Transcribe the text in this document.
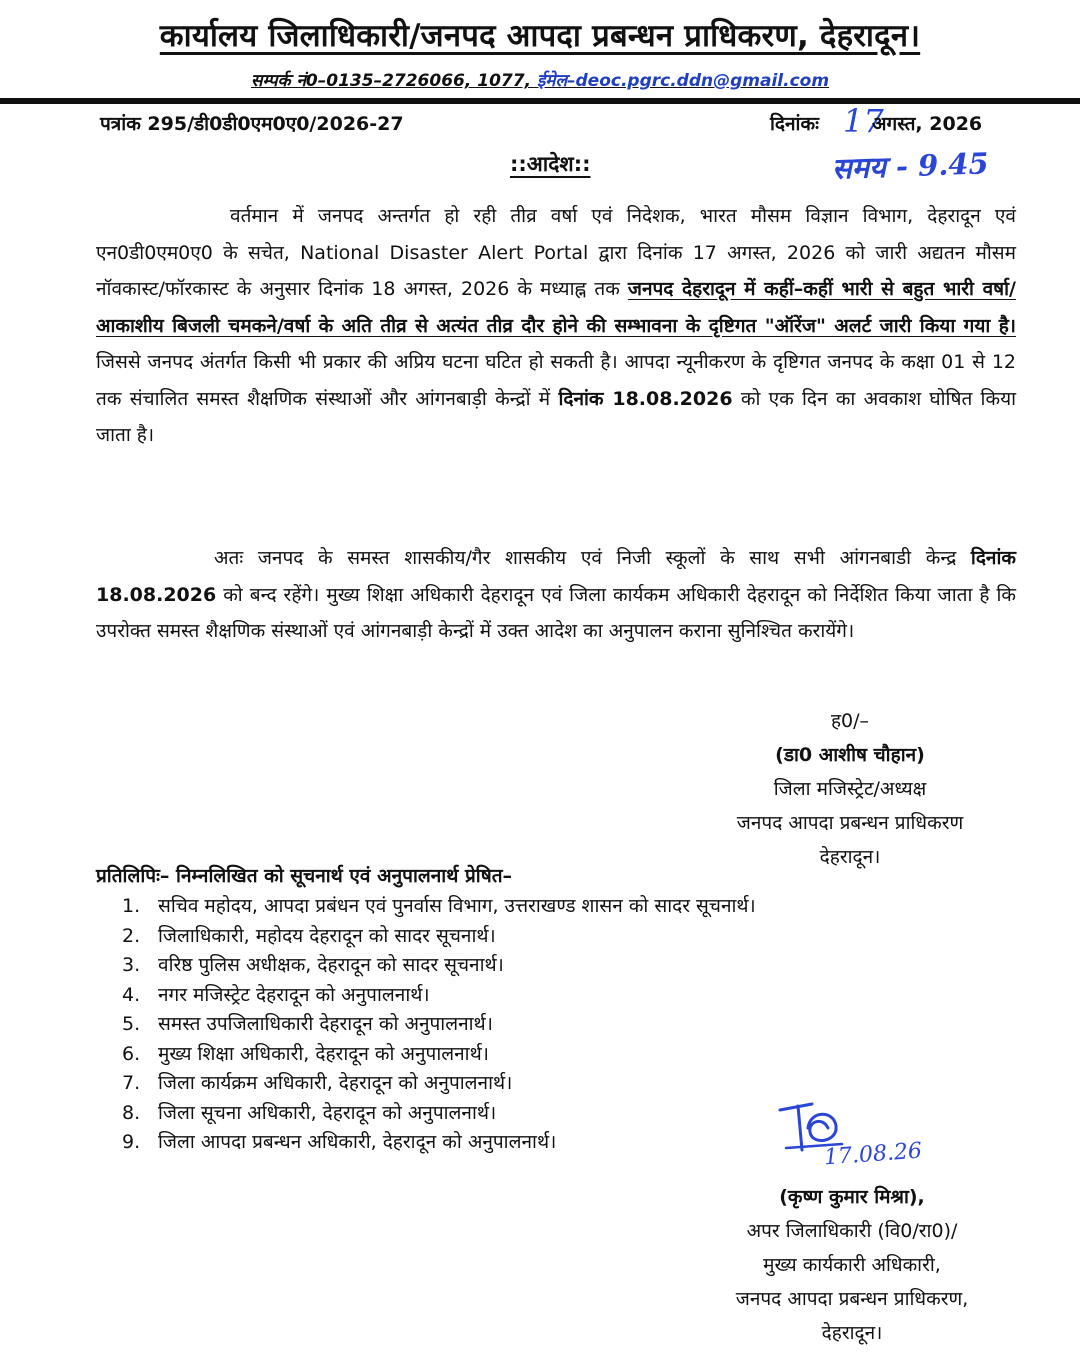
कार्यालय जिलाधिकारी/जनपद आपदा प्रबन्धन प्राधिकरण, देहरादून।
सम्पर्क नं0–0135–2726066, 1077, ईमेल–deoc.pgrc.ddn@gmail.com
पत्रांक 295/डी0डी0एम0ए0/2026-27	दिनांकः 17
अगस्त, 2026
::आदेश::	समय - 9.45
वर्तमान में जनपद अन्तर्गत हो रही तीव्र वर्षा एवं निदेशक, भारत मौसम विज्ञान विभाग, देहरादून एवं एन0डी0एम0ए0 के सचेत, National Disaster Alert Portal द्वारा दिनांक 17 अगस्त, 2026 को जारी अद्यतन मौसम नॉवकास्ट/फॉरकास्ट के अनुसार दिनांक 18 अगस्त, 2026 के मध्याह्न तक जनपद देहरादून में कहीं–कहीं भारी से बहुत भारी वर्षा/आकाशीय बिजली चमकने/वर्षा के अति तीव्र से अत्यंत तीव्र दौर होने की सम्भावना के दृष्टिगत "ऑरेंज" अलर्ट जारी किया गया है। जिससे जनपद अंतर्गत किसी भी प्रकार की अप्रिय घटना घटित हो सकती है। आपदा न्यूनीकरण के दृष्टिगत जनपद के कक्षा 01 से 12 तक संचालित समस्त शैक्षणिक संस्थाओं और आंगनबाड़ी केन्द्रों में दिनांक 18.08.2026 को एक दिन का अवकाश घोषित किया जाता है।
अतः जनपद के समस्त शासकीय/गैर शासकीय एवं निजी स्कूलों के साथ सभी आंगनबाडी केन्द्र दिनांक 18.08.2026 को बन्द रहेंगे। मुख्य शिक्षा अधिकारी देहरादून एवं जिला कार्यकम अधिकारी देहरादून को निर्देशित किया जाता है कि उपरोक्त समस्त शैक्षणिक संस्थाओं एवं आंगनबाड़ी केन्द्रों में उक्त आदेश का अनुपालन कराना सुनिश्चित करायेंगे।
ह0/–
(डा0 आशीष चौहान)
जिला मजिस्ट्रेट/अध्यक्ष
जनपद आपदा प्रबन्धन प्राधिकरण
देहरादून।
प्रतिलिपिः– निम्नलिखित को सूचनार्थ एवं अनुपालनार्थ प्रेषित–
1. सचिव महोदय, आपदा प्रबंधन एवं पुनर्वास विभाग, उत्तराखण्ड शासन को सादर सूचनार्थ।
2. जिलाधिकारी, महोदय देहरादून को सादर सूचनार्थ।
3. वरिष्ठ पुलिस अधीक्षक, देहरादून को सादर सूचनार्थ।
4. नगर मजिस्ट्रेट देहरादून को अनुपालनार्थ।
5. समस्त उपजिलाधिकारी देहरादून को अनुपालनार्थ।
6. मुख्य शिक्षा अधिकारी, देहरादून को अनुपालनार्थ।
7. जिला कार्यक्रम अधिकारी, देहरादून को अनुपालनार्थ।
8. जिला सूचना अधिकारी, देहरादून को अनुपालनार्थ।
9. जिला आपदा प्रबन्धन अधिकारी, देहरादून को अनुपालनार्थ।	17.08.26
(कृष्ण कुमार मिश्रा),
अपर जिलाधिकारी (वि0/रा0)/
मुख्य कार्यकारी अधिकारी,
जनपद आपदा प्रबन्धन प्राधिकरण,
देहरादून।
